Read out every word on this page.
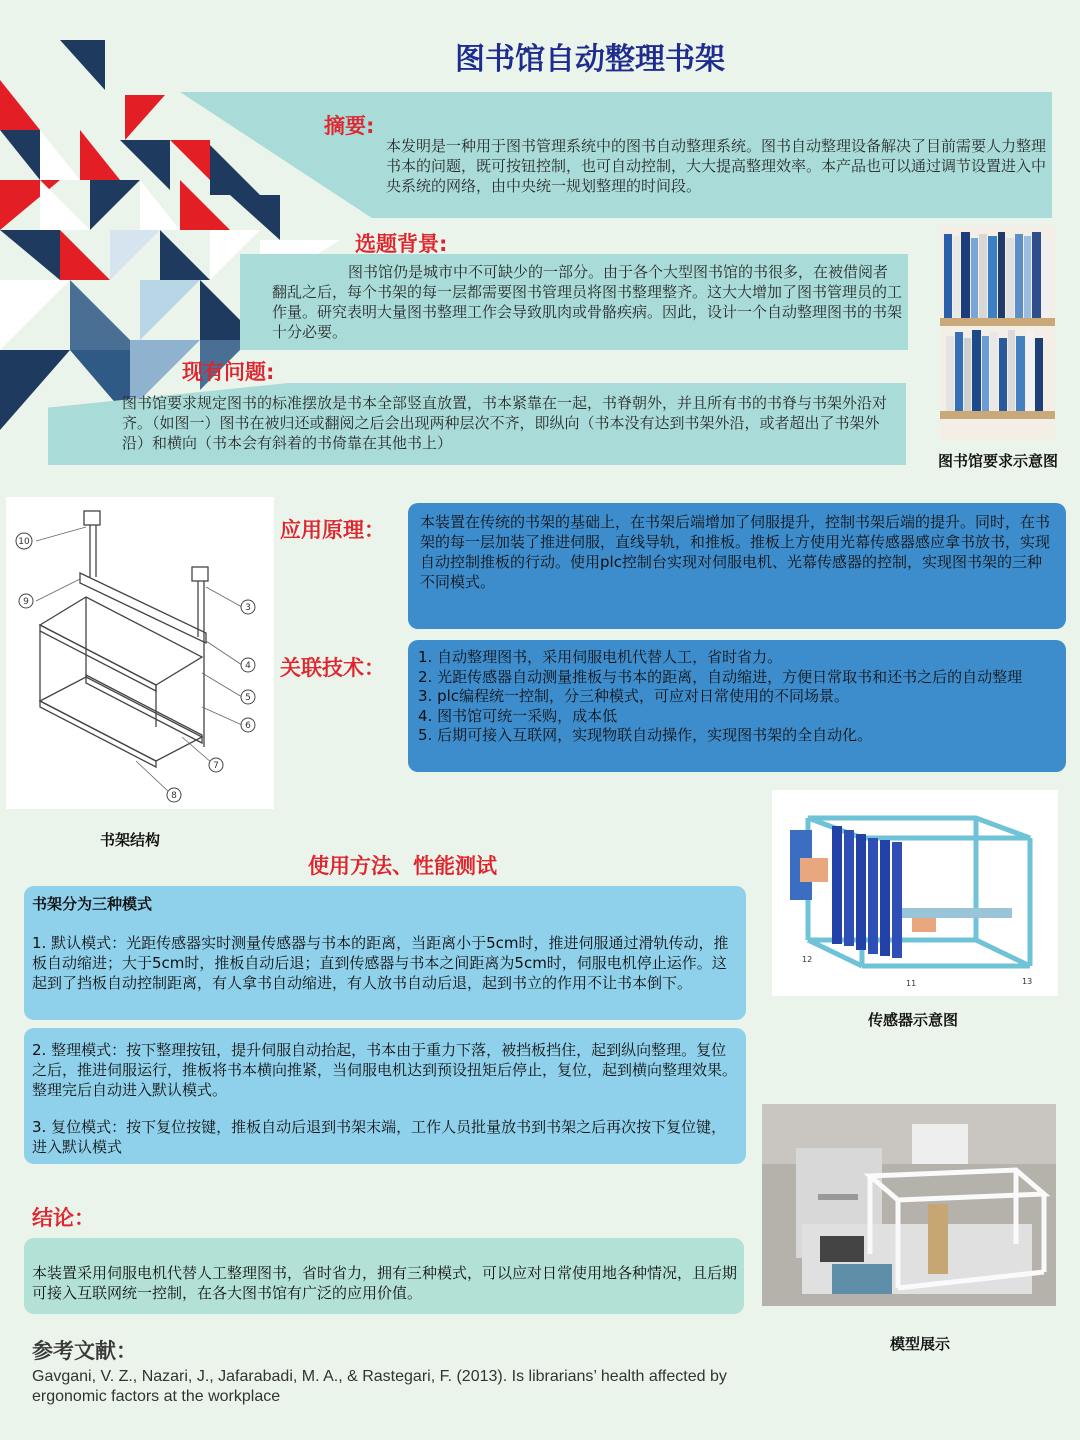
图书馆自动整理书架
摘要:
本发明是一种用于图书管理系统中的图书自动整理系统。图书自动整理设备解决了目前需要人力整理书本的问题，既可按钮控制，也可自动控制，大大提高整理效率。本产品也可以通过调节设置进入中央系统的网络，由中央统一规划整理的时间段。
选题背景:
图书馆仍是城市中不可缺少的一部分。由于各个大型图书馆的书很多，在被借阅者翻乱之后，每个书架的每一层都需要图书管理员将图书整理整齐。这大大增加了图书管理员的工作量。研究表明大量图书整理工作会导致肌肉或骨骼疾病。因此，设计一个自动整理图书的书架十分必要。
现有问题:
图书馆要求规定图书的标准摆放是书本全部竖直放置，书本紧靠在一起，书脊朝外，并且所有书的书脊与书架外沿对齐。（如图一）图书在被归还或翻阅之后会出现两种层次不齐，即纵向（书本没有达到书架外沿，或者超出了书架外沿）和横向（书本会有斜着的书倚靠在其他书上）
图书馆要求示意图
10
9
3
4
5
6
7
8
书架结构
应用原理： 本装置在传统的书架的基础上，在书架后端增加了伺服提升，控制书架后端的提升。同时，在书架的每一层加装了推进伺服，直线导轨，和推板。推板上方使用光幕传感器感应拿书放书，实现自动控制推板的行动。使用plc控制台实现对伺服电机、光幕传感器的控制，实现图书架的三种不同模式。
关联技术： 1. 自动整理图书，采用伺服电机代替人工，省时省力。
2. 光距传感器自动测量推板与书本的距离，自动缩进，方便日常取书和还书之后的自动整理
3. plc编程统一控制，分三种模式，可应对日常使用的不同场景。
4. 图书馆可统一采购，成本低
5. 后期可接入互联网，实现物联自动操作，实现图书架的全自动化。
使用方法、性能测试
书架分为三种模式
1. 默认模式：光距传感器实时测量传感器与书本的距离，当距离小于5cm时，推进伺服通过滑轨传动，推板自动缩进；大于5cm时，推板自动后退；直到传感器与书本之间距离为5cm时，伺服电机停止运作。这起到了挡板自动控制距离，有人拿书自动缩进，有人放书自动后退，起到书立的作用不让书本倒下。
2. 整理模式：按下整理按钮，提升伺服自动抬起，书本由于重力下落，被挡板挡住，起到纵向整理。复位之后，推进伺服运行，推板将书本横向推紧，当伺服电机达到预设扭矩后停止，复位，起到横向整理效果。整理完后自动进入默认模式。
3. 复位模式：按下复位按键，推板自动后退到书架末端，工作人员批量放书到书架之后再次按下复位键，进入默认模式
12
11	13
传感器示意图
模型展示
结论：
本装置采用伺服电机代替人工整理图书，省时省力，拥有三种模式，可以应对日常使用地各种情况，且后期可接入互联网统一控制，在各大图书馆有广泛的应用价值。
参考文献：
Gavgani, V. Z., Nazari, J., Jafarabadi, M. A., & Rastegari, F. (2013). Is librarians’ health affected by ergonomic factors at the workplace
